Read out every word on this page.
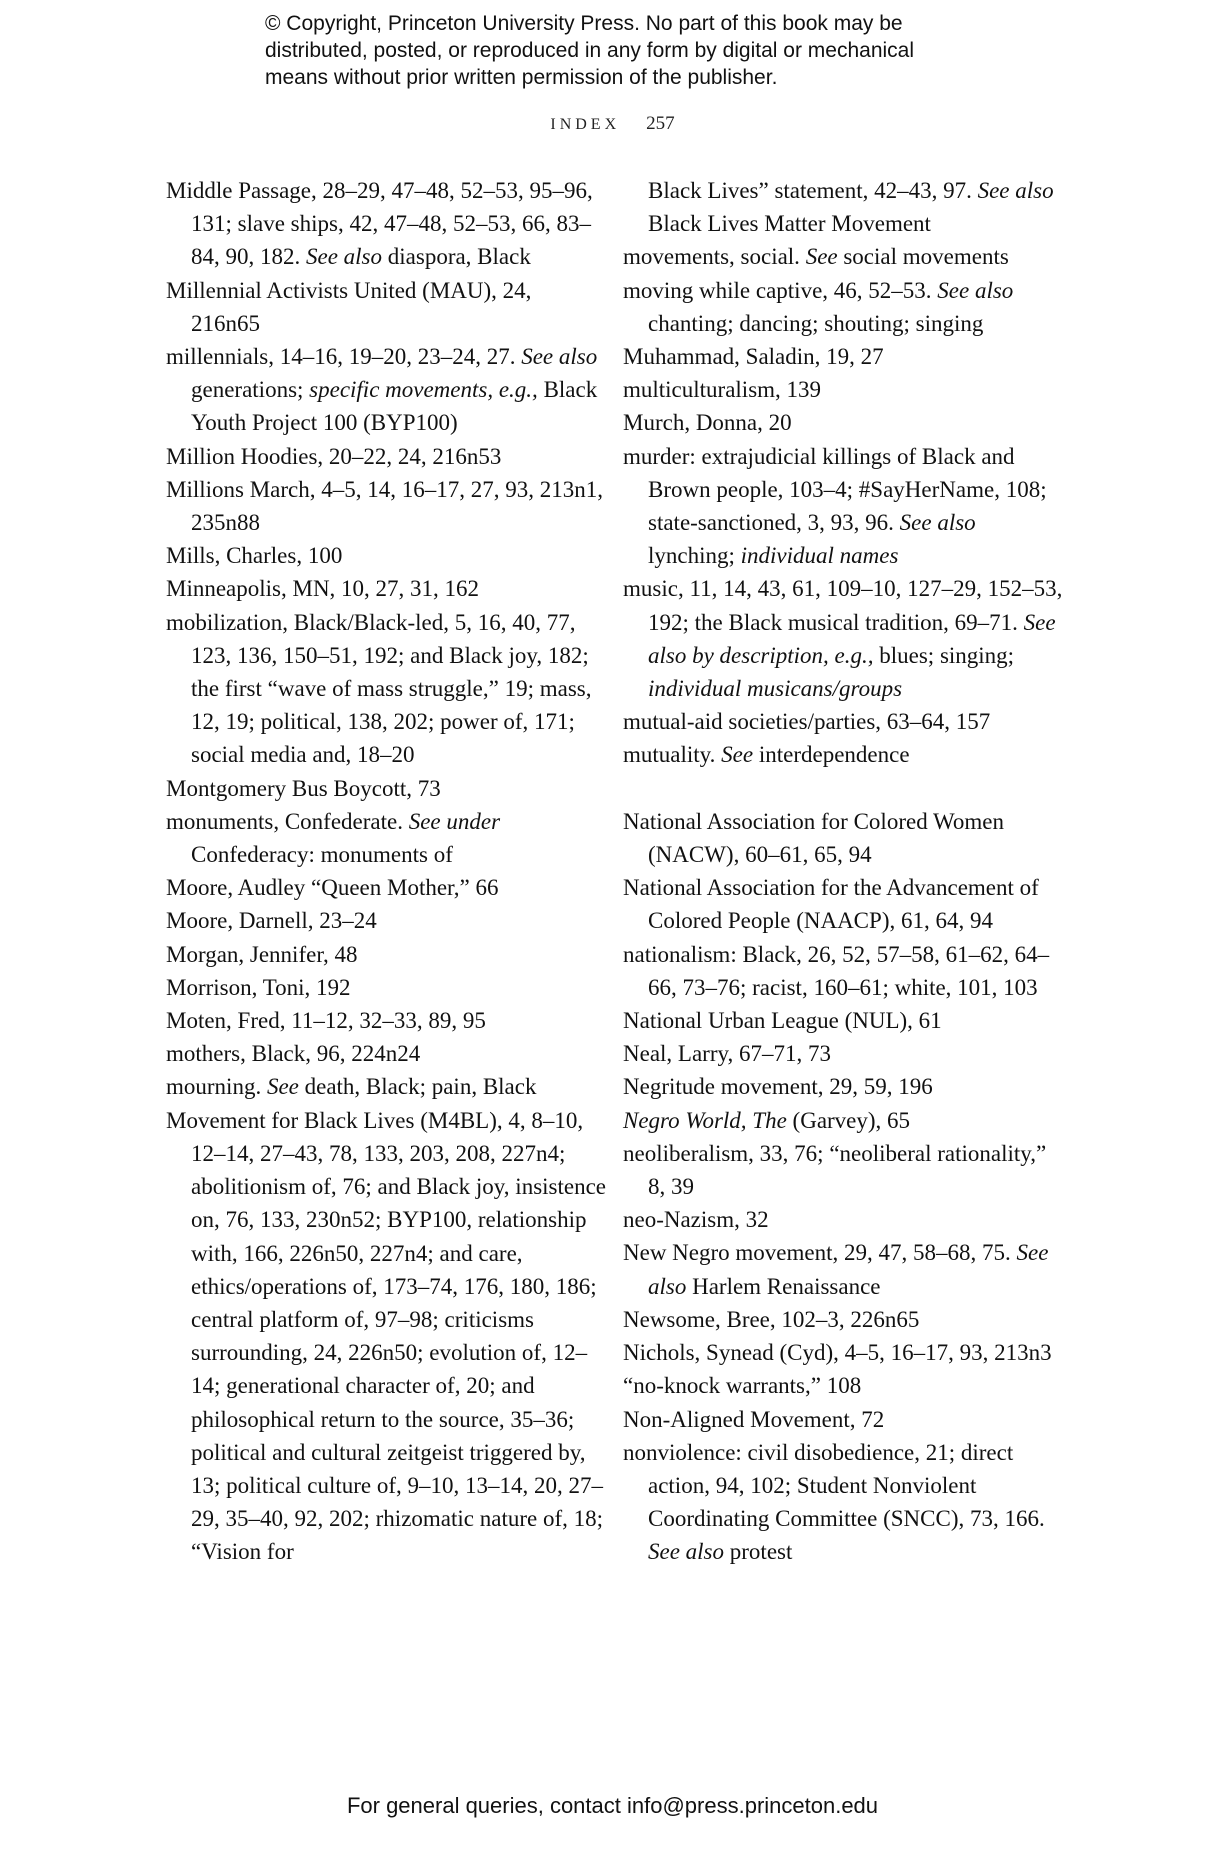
© Copyright, Princeton University Press. No part of this book may be
distributed, posted, or reproduced in any form by digital or mechanical
means without prior written permission of the publisher.
INDEX 257
Middle Passage, 28–29, 47–48, 52–53, 95–96, 131; slave ships, 42, 47–48, 52–53, 66, 83–84, 90, 182. See also diaspora, Black
Millennial Activists United (MAU), 24, 216n65
millennials, 14–16, 19–20, 23–24, 27. See also generations; specific movements, e.g., Black Youth Project 100 (BYP100)
Million Hoodies, 20–22, 24, 216n53
Millions March, 4–5, 14, 16–17, 27, 93, 213n1, 235n88
Mills, Charles, 100
Minneapolis, MN, 10, 27, 31, 162
mobilization, Black/Black-led, 5, 16, 40, 77, 123, 136, 150–51, 192; and Black joy, 182; the first “wave of mass struggle,” 19; mass, 12, 19; political, 138, 202; power of, 171; social media and, 18–20
Montgomery Bus Boycott, 73
monuments, Confederate. See under Confederacy: monuments of
Moore, Audley “Queen Mother,” 66
Moore, Darnell, 23–24
Morgan, Jennifer, 48
Morrison, Toni, 192
Moten, Fred, 11–12, 32–33, 89, 95
mothers, Black, 96, 224n24
mourning. See death, Black; pain, Black
Movement for Black Lives (M4BL), 4, 8–10, 12–14, 27–43, 78, 133, 203, 208, 227n4; abolitionism of, 76; and Black joy, insistence on, 76, 133, 230n52; BYP100, relationship with, 166, 226n50, 227n4; and care, ethics/operations of, 173–74, 176, 180, 186; central platform of, 97–98; criticisms surrounding, 24, 226n50; evolution of, 12–14; generational character of, 20; and philosophical return to the source, 35–36; political and cultural zeitgeist triggered by, 13; political culture of, 9–10, 13–14, 20, 27–29, 35–40, 92, 202; rhizomatic nature of, 18; “Vision for
Black Lives” statement, 42–43, 97. See also Black Lives Matter Movement
movements, social. See social movements
moving while captive, 46, 52–53. See also chanting; dancing; shouting; singing
Muhammad, Saladin, 19, 27
multiculturalism, 139
Murch, Donna, 20
murder: extrajudicial killings of Black and Brown people, 103–4; #SayHerName, 108; state-sanctioned, 3, 93, 96. See also lynching; individual names
music, 11, 14, 43, 61, 109–10, 127–29, 152–53, 192; the Black musical tradition, 69–71. See also by description, e.g., blues; singing; individual musicans/groups
mutual-aid societies/parties, 63–64, 157
mutuality. See interdependence
National Association for Colored Women (NACW), 60–61, 65, 94
National Association for the Advancement of Colored People (NAACP), 61, 64, 94
nationalism: Black, 26, 52, 57–58, 61–62, 64–66, 73–76; racist, 160–61; white, 101, 103
National Urban League (NUL), 61
Neal, Larry, 67–71, 73
Negritude movement, 29, 59, 196
Negro World, The (Garvey), 65
neoliberalism, 33, 76; “neoliberal rationality,” 8, 39
neo-Nazism, 32
New Negro movement, 29, 47, 58–68, 75. See also Harlem Renaissance
Newsome, Bree, 102–3, 226n65
Nichols, Synead (Cyd), 4–5, 16–17, 93, 213n3
“no-knock warrants,” 108
Non-Aligned Movement, 72
nonviolence: civil disobedience, 21; direct action, 94, 102; Student Nonviolent Coordinating Committee (SNCC), 73, 166. See also protest
For general queries, contact info@press.princeton.edu
